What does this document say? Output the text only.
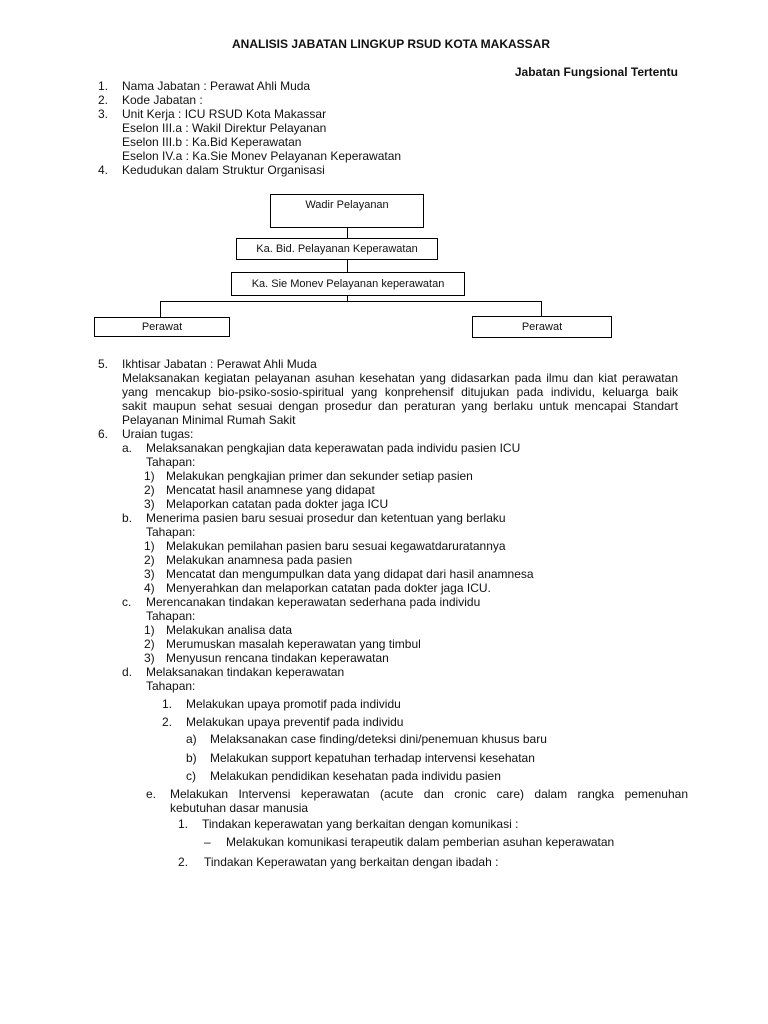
ANALISIS JABATAN LINGKUP RSUD KOTA MAKASSAR
Jabatan Fungsional Tertentu
1. Nama Jabatan : Perawat Ahli Muda
2. Kode Jabatan :
3. Unit Kerja : ICU RSUD Kota Makassar
Eselon III.a : Wakil Direktur Pelayanan
Eselon III.b : Ka.Bid Keperawatan
Eselon IV.a : Ka.Sie Monev Pelayanan Keperawatan
4. Kedudukan dalam Struktur Organisasi
Wadir Pelayanan
Ka. Bid. Pelayanan Keperawatan
Ka. Sie Monev Pelayanan keperawatan
Perawat	Perawat
5. Ikhtisar Jabatan : Perawat Ahli Muda
Melaksanakan kegiatan pelayanan asuhan kesehatan yang didasarkan pada ilmu dan kiat perawatan
yang mencakup bio-psiko-sosio-spiritual yang konprehensif ditujukan pada individu, keluarga baik
sakit maupun sehat sesuai dengan prosedur dan peraturan yang berlaku untuk mencapai Standart
Pelayanan Minimal Rumah Sakit
6. Uraian tugas:
a. Melaksanakan pengkajian data keperawatan pada individu pasien ICU
Tahapan:
1) Melakukan pengkajian primer dan sekunder setiap pasien
2) Mencatat hasil anamnese yang didapat
3) Melaporkan catatan pada dokter jaga ICU
b. Menerima pasien baru sesuai prosedur dan ketentuan yang berlaku
Tahapan:
1) Melakukan pemilahan pasien baru sesuai kegawatdaruratannya
2) Melakukan anamnesa pada pasien
3) Mencatat dan mengumpulkan data yang didapat dari hasil anamnesa
4) Menyerahkan dan melaporkan catatan pada dokter jaga ICU.
c. Merencanakan tindakan keperawatan sederhana pada individu
Tahapan:
1) Melakukan analisa data
2) Merumuskan masalah keperawatan yang timbul
3) Menyusun rencana tindakan keperawatan
d. Melaksanakan tindakan keperawatan
Tahapan:
1. Melakukan upaya promotif pada individu
2. Melakukan upaya preventif pada individu
a) Melaksanakan case finding/deteksi dini/penemuan khusus baru
b) Melakukan support kepatuhan terhadap intervensi kesehatan
c) Melakukan pendidikan kesehatan pada individu pasien
e. Melakukan Intervensi keperawatan (acute dan cronic care) dalam rangka pemenuhan
kebutuhan dasar manusia
1. Tindakan keperawatan yang berkaitan dengan komunikasi :
– Melakukan komunikasi terapeutik dalam pemberian asuhan keperawatan
2. Tindakan Keperawatan yang berkaitan dengan ibadah :
